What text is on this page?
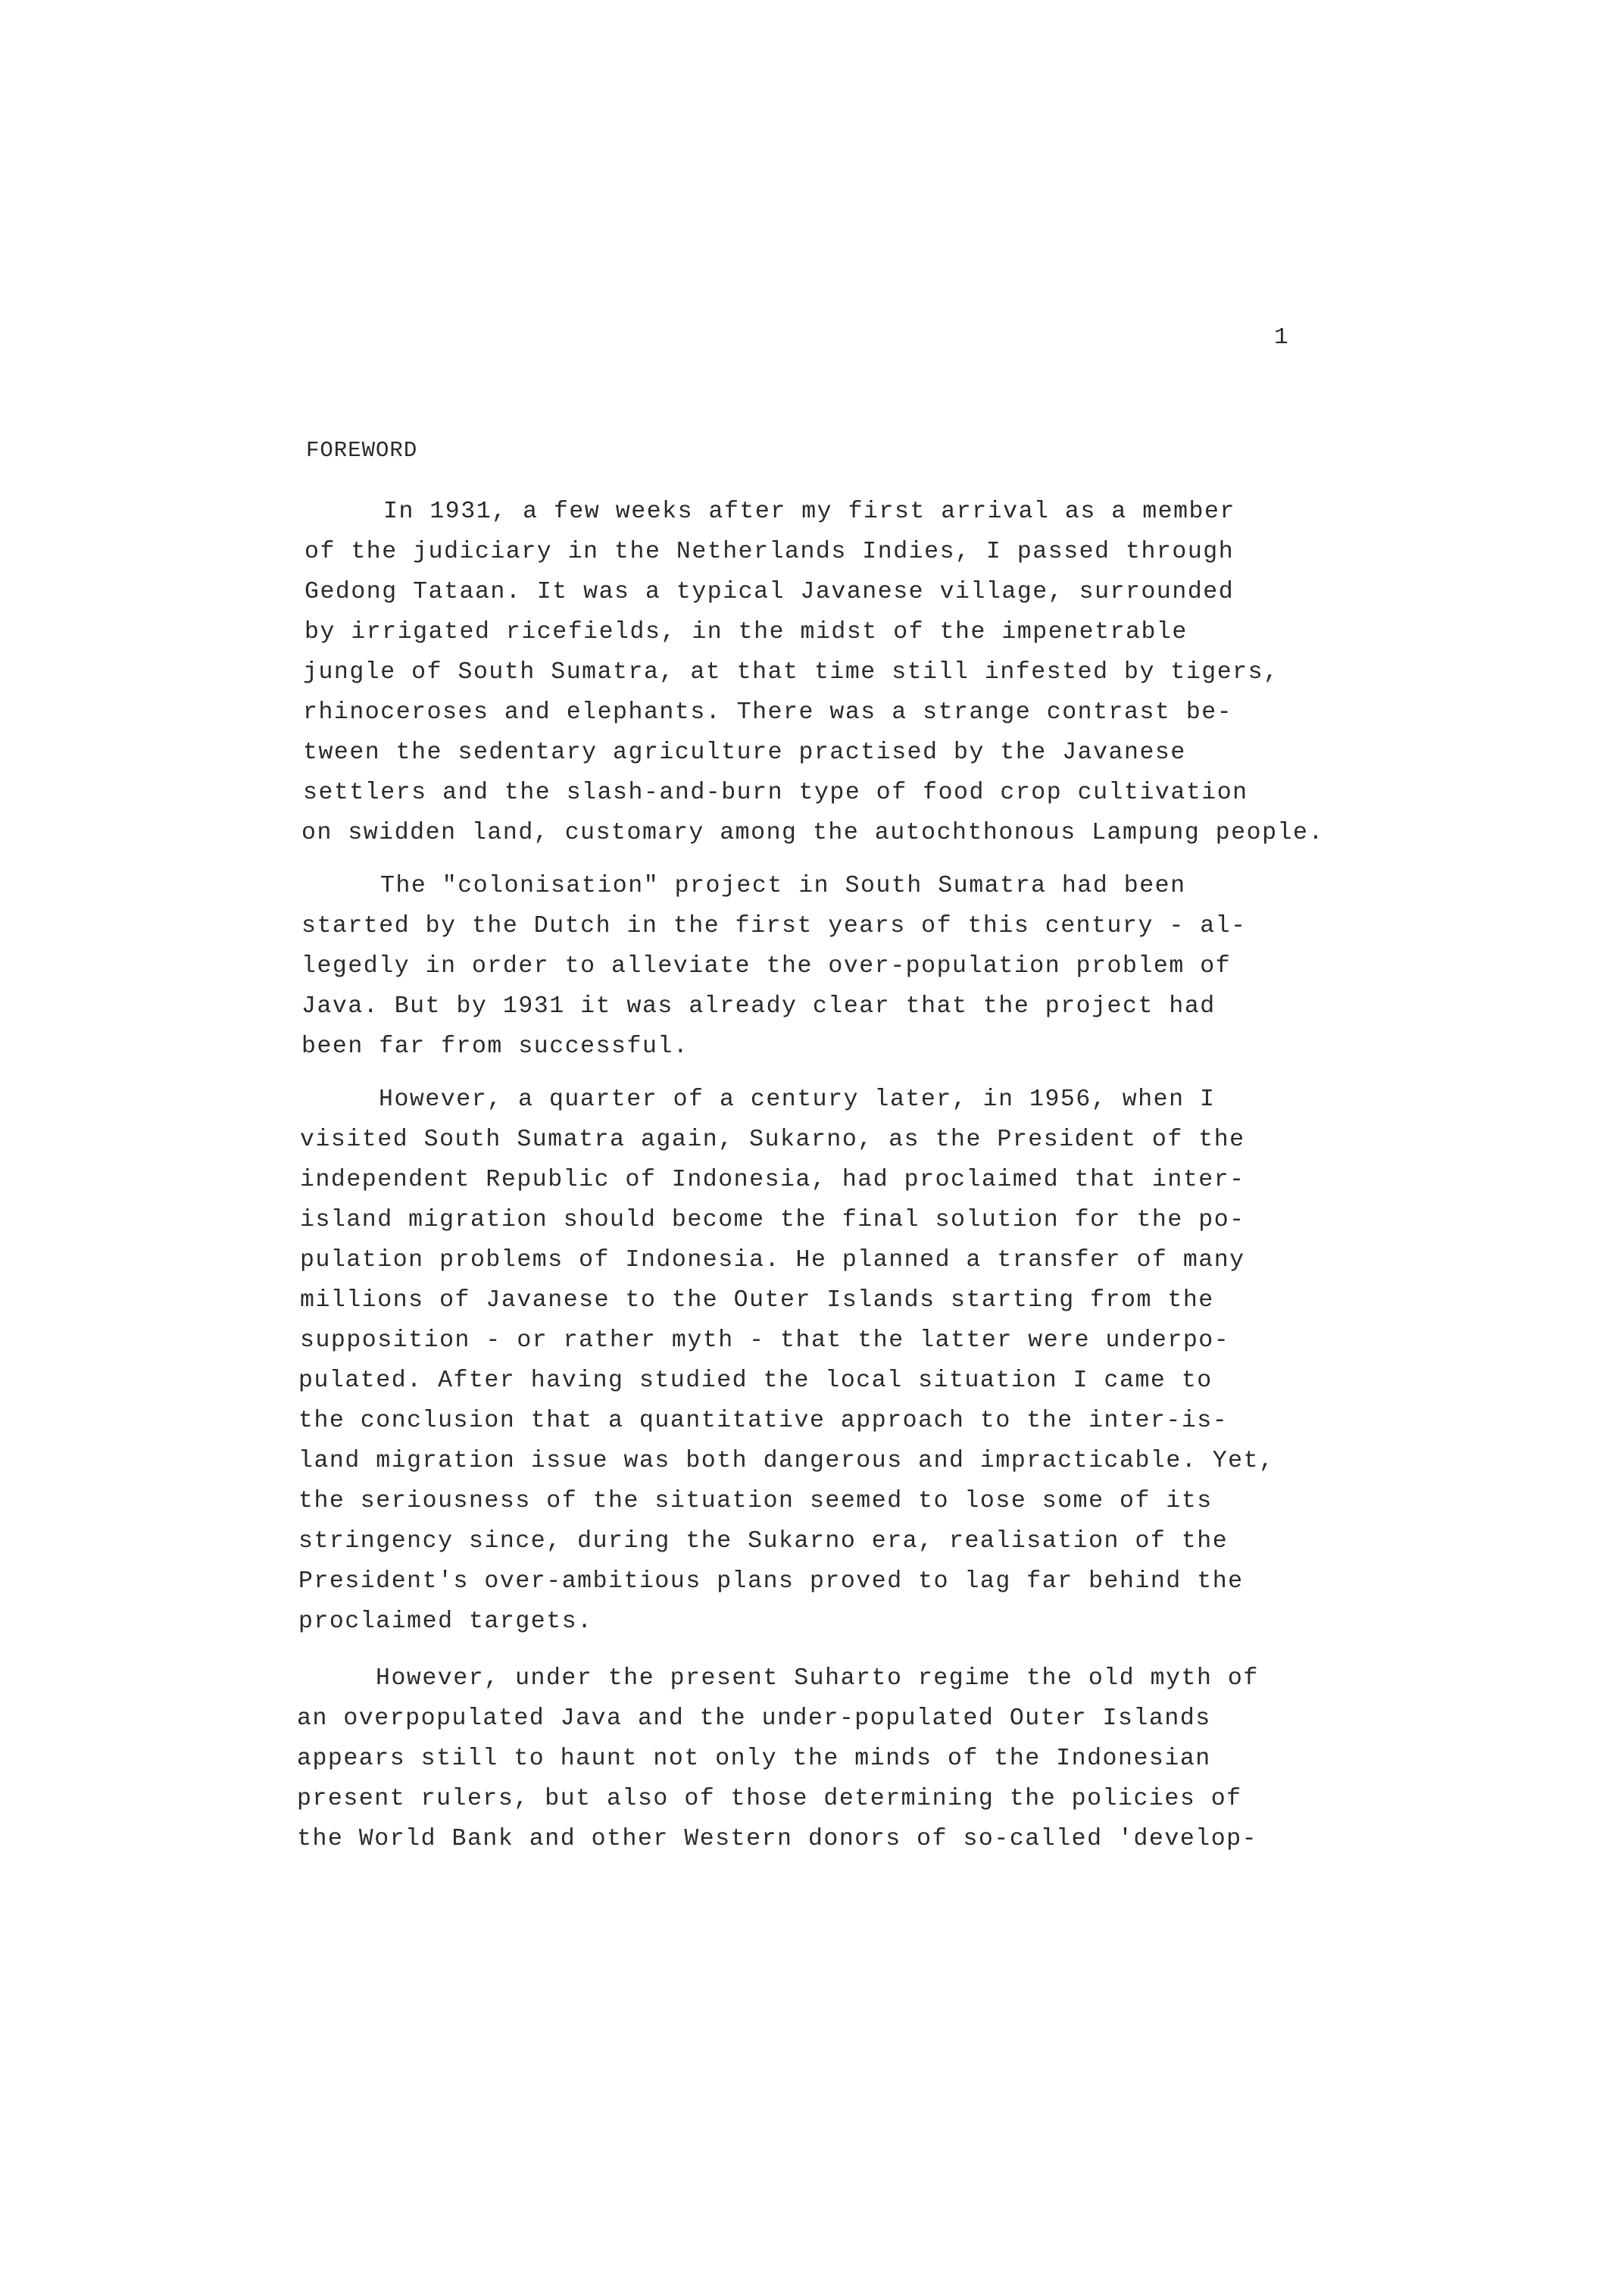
1
FOREWORD
In 1931, a few weeks after my first arrival as a member
of the judiciary in the Netherlands Indies, I passed through
Gedong Tataan. It was a typical Javanese village, surrounded
by irrigated ricefields, in the midst of the impenetrable
jungle of South Sumatra, at that time still infested by tigers,
rhinoceroses and elephants. There was a strange contrast be-
tween the sedentary agriculture practised by the Javanese
settlers and the slash-and-burn type of food crop cultivation
on swidden land, customary among the autochthonous Lampung people.
The "colonisation" project in South Sumatra had been
started by the Dutch in the first years of this century - al-
legedly in order to alleviate the over-population problem of
Java. But by 1931 it was already clear that the project had
been far from successful.
However, a quarter of a century later, in 1956, when I
visited South Sumatra again, Sukarno, as the President of the
independent Republic of Indonesia, had proclaimed that inter-
island migration should become the final solution for the po-
pulation problems of Indonesia. He planned a transfer of many
millions of Javanese to the Outer Islands starting from the
supposition - or rather myth - that the latter were underpo-
pulated. After having studied the local situation I came to
the conclusion that a quantitative approach to the inter-is-
land migration issue was both dangerous and impracticable. Yet,
the seriousness of the situation seemed to lose some of its
stringency since, during the Sukarno era, realisation of the
President's over-ambitious plans proved to lag far behind the
proclaimed targets.
However, under the present Suharto regime the old myth of
an overpopulated Java and the under-populated Outer Islands
appears still to haunt not only the minds of the Indonesian
present rulers, but also of those determining the policies of
the World Bank and other Western donors of so-called 'develop-
